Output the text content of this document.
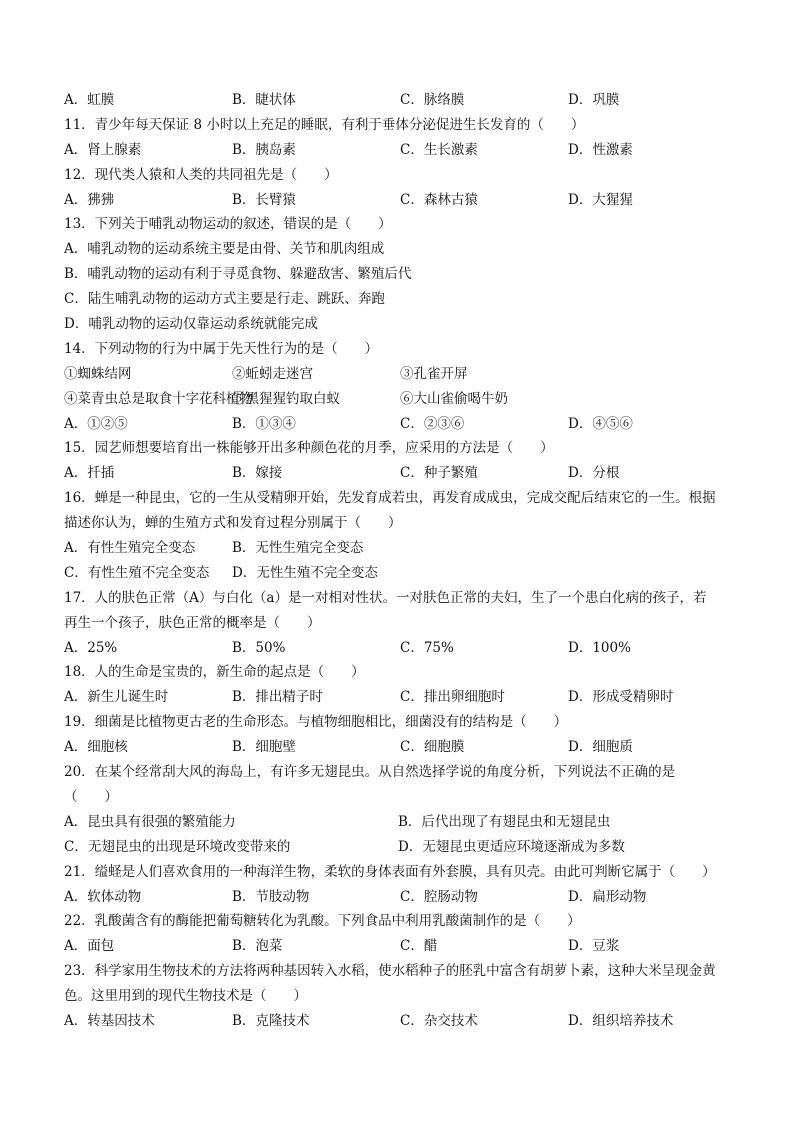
A．虹膜	B．睫状体	C．脉络膜	D．巩膜
11．青少年每天保证 8 小时以上充足的睡眠，有利于垂体分泌促进生长发育的（　　）
A．肾上腺素	B．胰岛素	C．生长激素	D．性激素
12．现代类人猿和人类的共同祖先是（　　）
A．狒狒	B．长臂猿	C．森林古猿	D．大猩猩
13．下列关于哺乳动物运动的叙述，错误的是（　　）
A．哺乳动物的运动系统主要是由骨、关节和肌肉组成
B．哺乳动物的运动有利于寻觅食物、躲避敌害、繁殖后代
C．陆生哺乳动物的运动方式主要是行走、跳跃、奔跑
D．哺乳动物的运动仅靠运动系统就能完成
14．下列动物的行为中属于先天性行为的是（　　）
①蜘蛛结网	②蚯蚓走迷宫	③孔雀开屏
④菜青虫总是取食十字花科植物
⑤黑猩猩钓取白蚁	⑥大山雀偷喝牛奶
A．①②⑤	B．①③④	C．②③⑥	D．④⑤⑥
15．园艺师想要培育出一株能够开出多种颜色花的月季，应采用的方法是（　　）
A．扦插	B．嫁接	C．种子繁殖	D．分根
16．蝉是一种昆虫，它的一生从受精卵开始，先发育成若虫，再发育成成虫，完成交配后结束它的一生。根据
描述你认为，蝉的生殖方式和发育过程分别属于（　　）
A．有性生殖完全变态	B．无性生殖完全变态
C．有性生殖不完全变态	D．无性生殖不完全变态
17．人的肤色正常（A）与白化（a）是一对相对性状。一对肤色正常的夫妇，生了一个患白化病的孩子，若
再生一个孩子，肤色正常的概率是（　　）
A．25%	B．50%	C．75%	D．100%
18．人的生命是宝贵的，新生命的起点是（　　）
A．新生儿诞生时	B．排出精子时	C．排出卵细胞时	D．形成受精卵时
19．细菌是比植物更古老的生命形态。与植物细胞相比，细菌没有的结构是（　　）
A．细胞核	B．细胞壁	C．细胞膜	D．细胞质
20．在某个经常刮大风的海岛上，有许多无翅昆虫。从自然选择学说的角度分析，下列说法不正确的是
（　　）
A．昆虫具有很强的繁殖能力	B．后代出现了有翅昆虫和无翅昆虫
C．无翅昆虫的出现是环境改变带来的	D．无翅昆虫更适应环境逐渐成为多数
21．缢蛏是人们喜欢食用的一种海洋生物，柔软的身体表面有外套膜，具有贝壳。由此可判断它属于（　　）
A．软体动物	B．节肢动物	C．腔肠动物	D．扁形动物
22．乳酸菌含有的酶能把葡萄糖转化为乳酸。下列食品中利用乳酸菌制作的是（　　）
A．面包	B．泡菜	C．醋	D．豆浆
23．科学家用生物技术的方法将两种基因转入水稻，使水稻种子的胚乳中富含有胡萝卜素，这种大米呈现金黄
色。这里用到的现代生物技术是（　　）
A．转基因技术	B．克隆技术	C．杂交技术	D．组织培养技术
